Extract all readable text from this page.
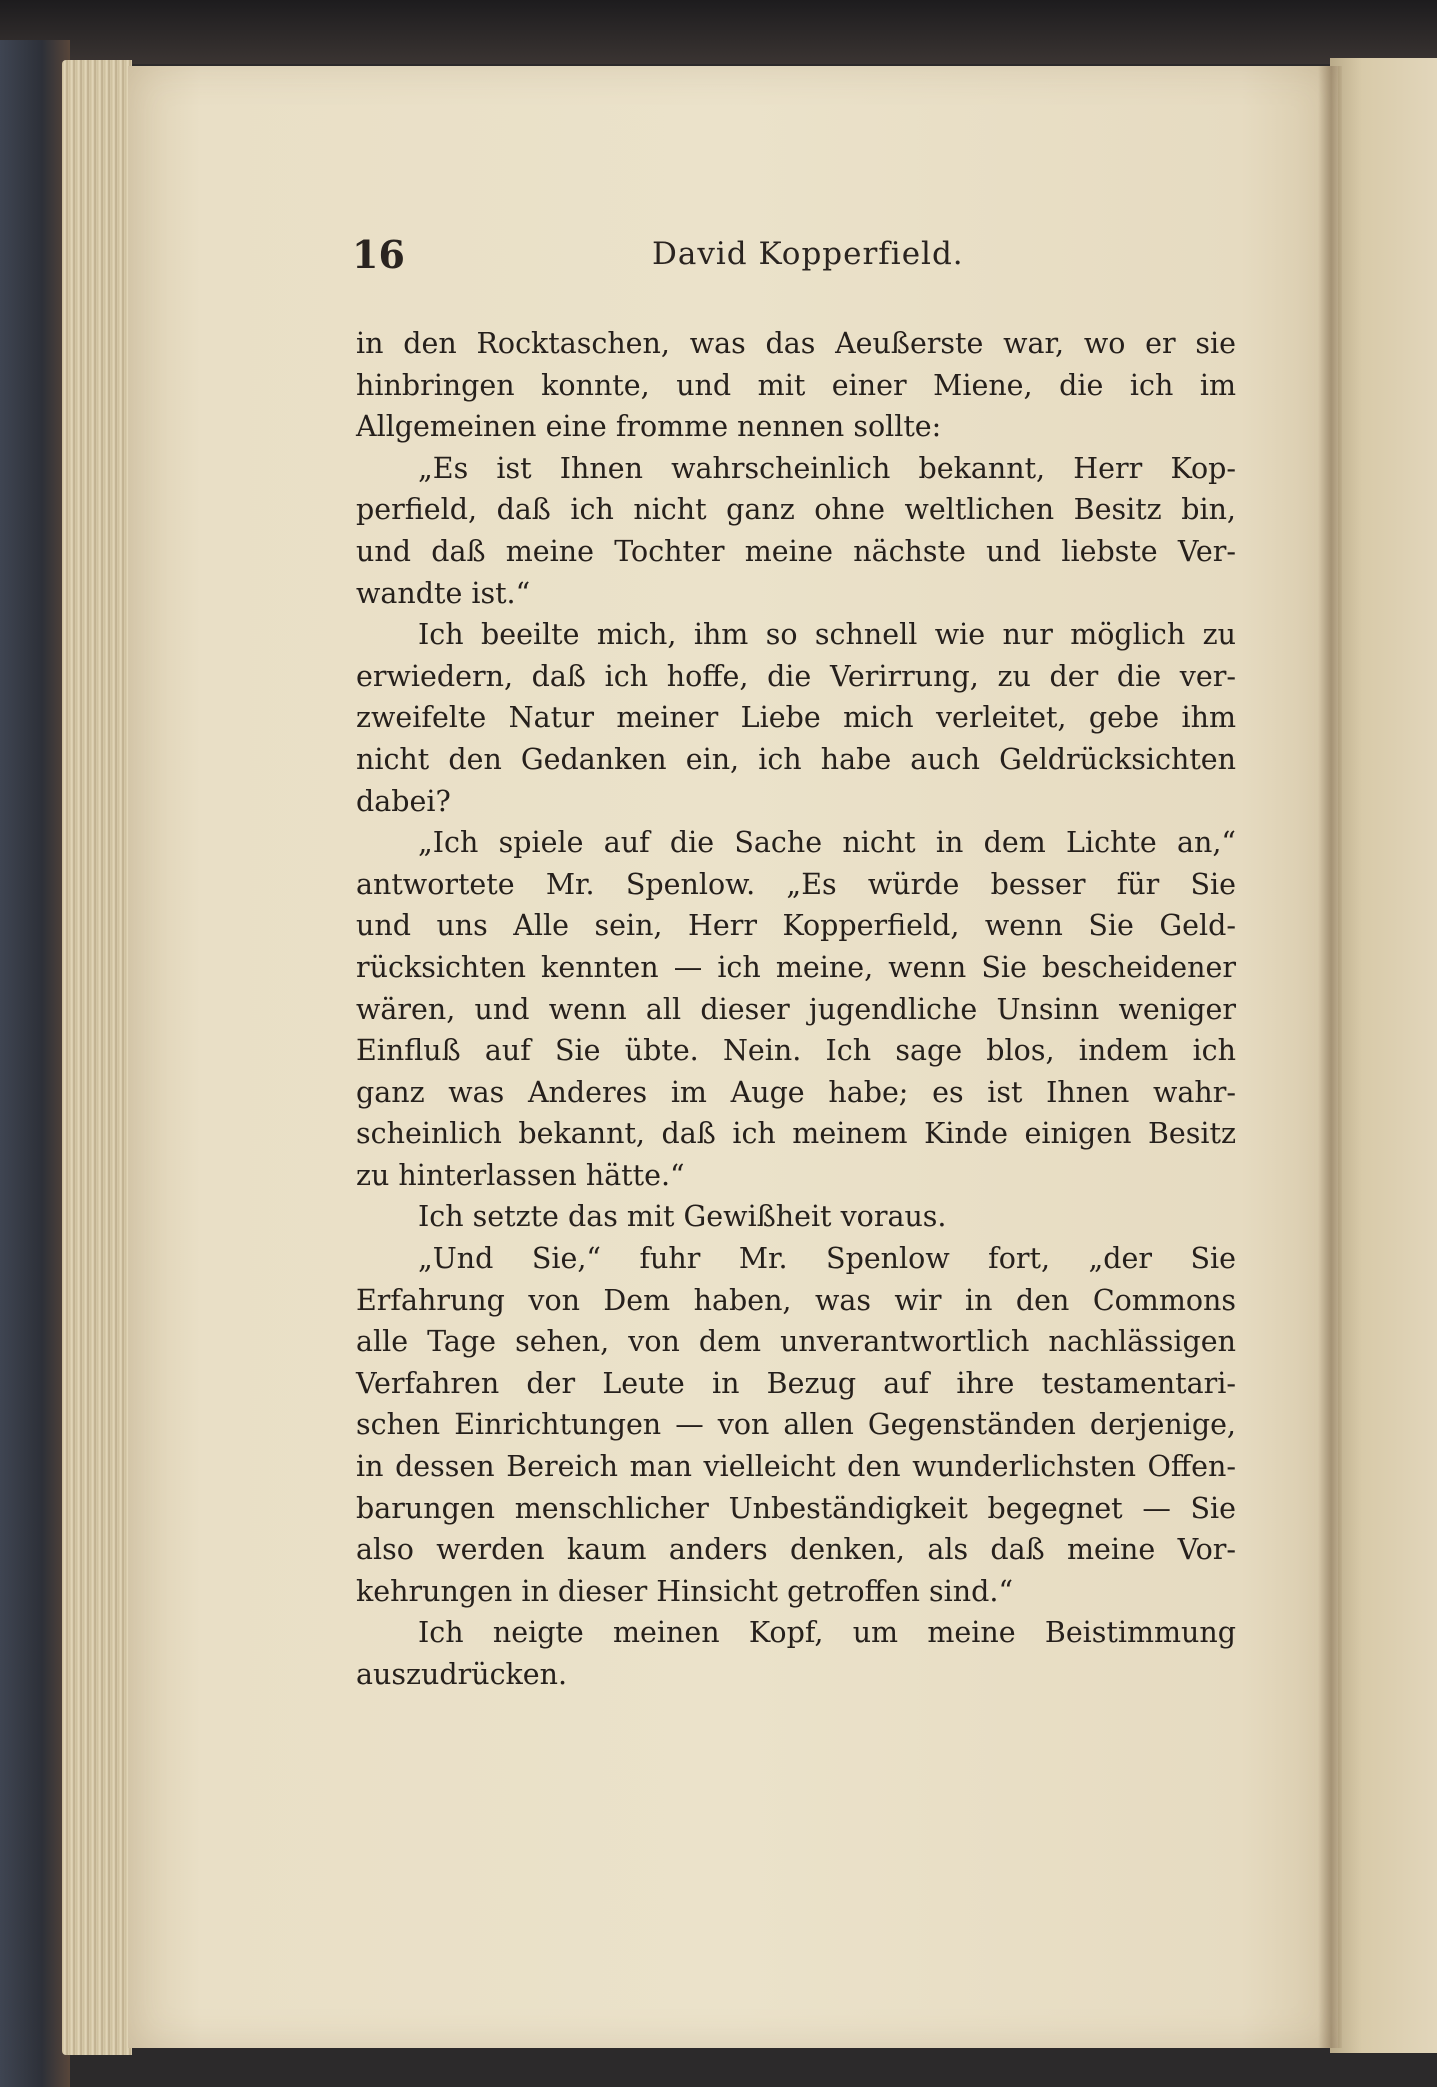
16	David Kopperfield.

in den Rocktaschen, was das Aeußerste war, wo er sie
hinbringen konnte, und mit einer Miene, die ich im
Allgemeinen eine fromme nennen sollte:

„Es ist Ihnen wahrscheinlich bekannt, Herr Kop-
perfield, daß ich nicht ganz ohne weltlichen Besitz bin,
und daß meine Tochter meine nächste und liebste Ver-
wandte ist.“

Ich beeilte mich, ihm so schnell wie nur möglich zu
erwiedern, daß ich hoffe, die Verirrung, zu der die ver-
zweifelte Natur meiner Liebe mich verleitet, gebe ihm
nicht den Gedanken ein, ich habe auch Geldrücksichten
dabei?

„Ich spiele auf die Sache nicht in dem Lichte an,“
antwortete Mr. Spenlow. „Es würde besser für Sie
und uns Alle sein, Herr Kopperfield, wenn Sie Geld-
rücksichten kennten — ich meine, wenn Sie bescheidener
wären, und wenn all dieser jugendliche Unsinn weniger
Einfluß auf Sie übte. Nein. Ich sage blos, indem ich
ganz was Anderes im Auge habe; es ist Ihnen wahr-
scheinlich bekannt, daß ich meinem Kinde einigen Besitz
zu hinterlassen hätte.“

Ich setzte das mit Gewißheit voraus.

„Und Sie,“ fuhr Mr. Spenlow fort, „der Sie
Erfahrung von Dem haben, was wir in den Commons
alle Tage sehen, von dem unverantwortlich nachlässigen
Verfahren der Leute in Bezug auf ihre testamentari-
schen Einrichtungen — von allen Gegenständen derjenige,
in dessen Bereich man vielleicht den wunderlichsten Offen-
barungen menschlicher Unbeständigkeit begegnet — Sie
also werden kaum anders denken, als daß meine Vor-
kehrungen in dieser Hinsicht getroffen sind.“

Ich neigte meinen Kopf, um meine Beistimmung
auszudrücken.
